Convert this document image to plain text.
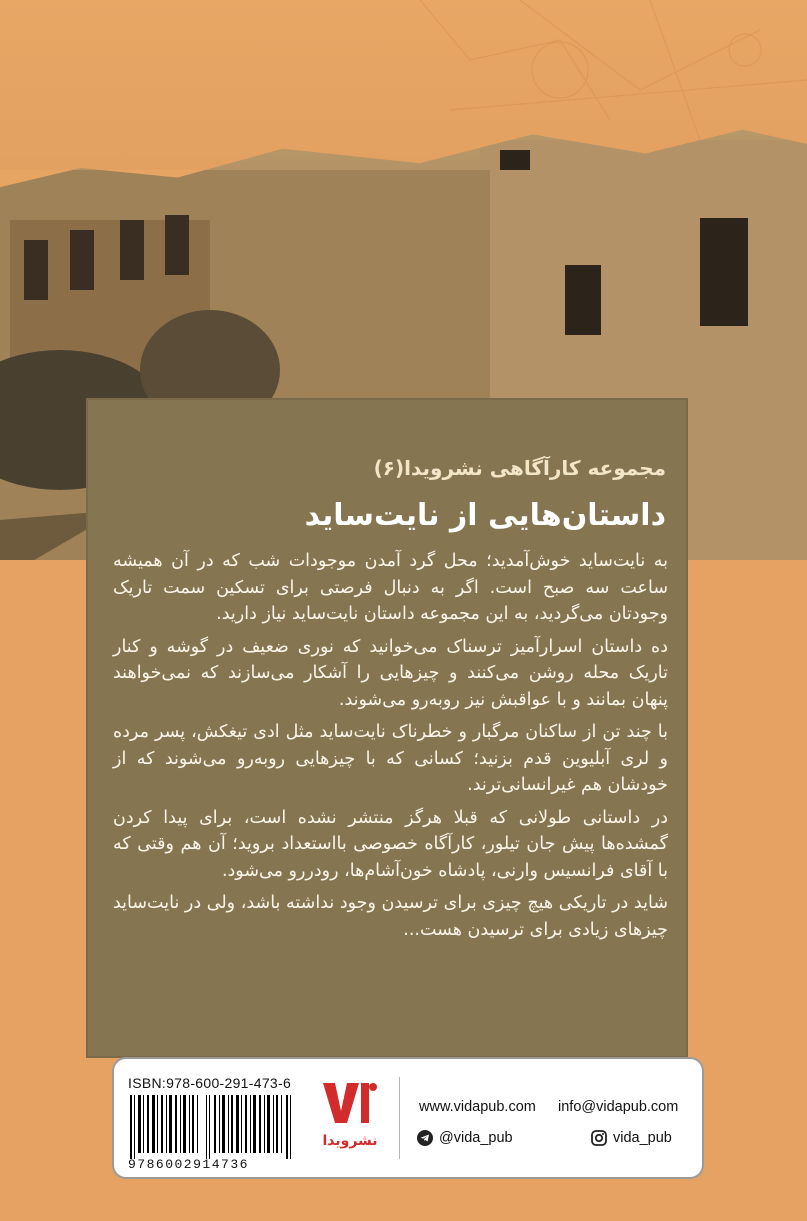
مجموعه کارآگاهی نشرویدا(۶)
داستان‌هایی از نایت‌ساید

به نایت‌ساید خوش‌آمدید؛ محل گرد آمدن موجودات شب که در آن همیشه ساعت سه صبح است. اگر به دنبال فرصتی برای تسکین سمت تاریک وجودتان می‌گردید، به این مجموعه داستان نایت‌ساید نیاز دارید.

ده داستان اسرارآمیز ترسناک می‌خوانید که نوری ضعیف در گوشه و کنار تاریک محله روشن می‌کنند و چیزهایی را آشکار می‌سازند که نمی‌خواهند پنهان بمانند و با عواقبش نیز روبه‌رو می‌شوند.

با چند تن از ساکنان مرگبار و خطرناک نایت‌ساید مثل ادی تیغکش، پسر مرده و لری آبلیوین قدم بزنید؛ کسانی که با چیزهایی روبه‌رو می‌شوند که از خودشان هم غیرانسانی‌ترند.

در داستانی طولانی که قبلا هرگز منتشر نشده است، برای پیدا کردن گمشده‌ها پیش جان تیلور، کارآگاه خصوصی بااستعداد بروید؛ آن هم وقتی که با آقای فرانسیس وارنی، پادشاه خون‌آشام‌ها، رودررو می‌شود.

شاید در تاریکی هیچ چیزی برای ترسیدن وجود نداشته باشد، ولی در نایت‌ساید چیزهای زیادی برای ترسیدن هست...

ISBN:978-600-291-473-6
9786002914736
نشرویدا
www.vidapub.com info@vidapub.com
@vida_pub	vida_pub
